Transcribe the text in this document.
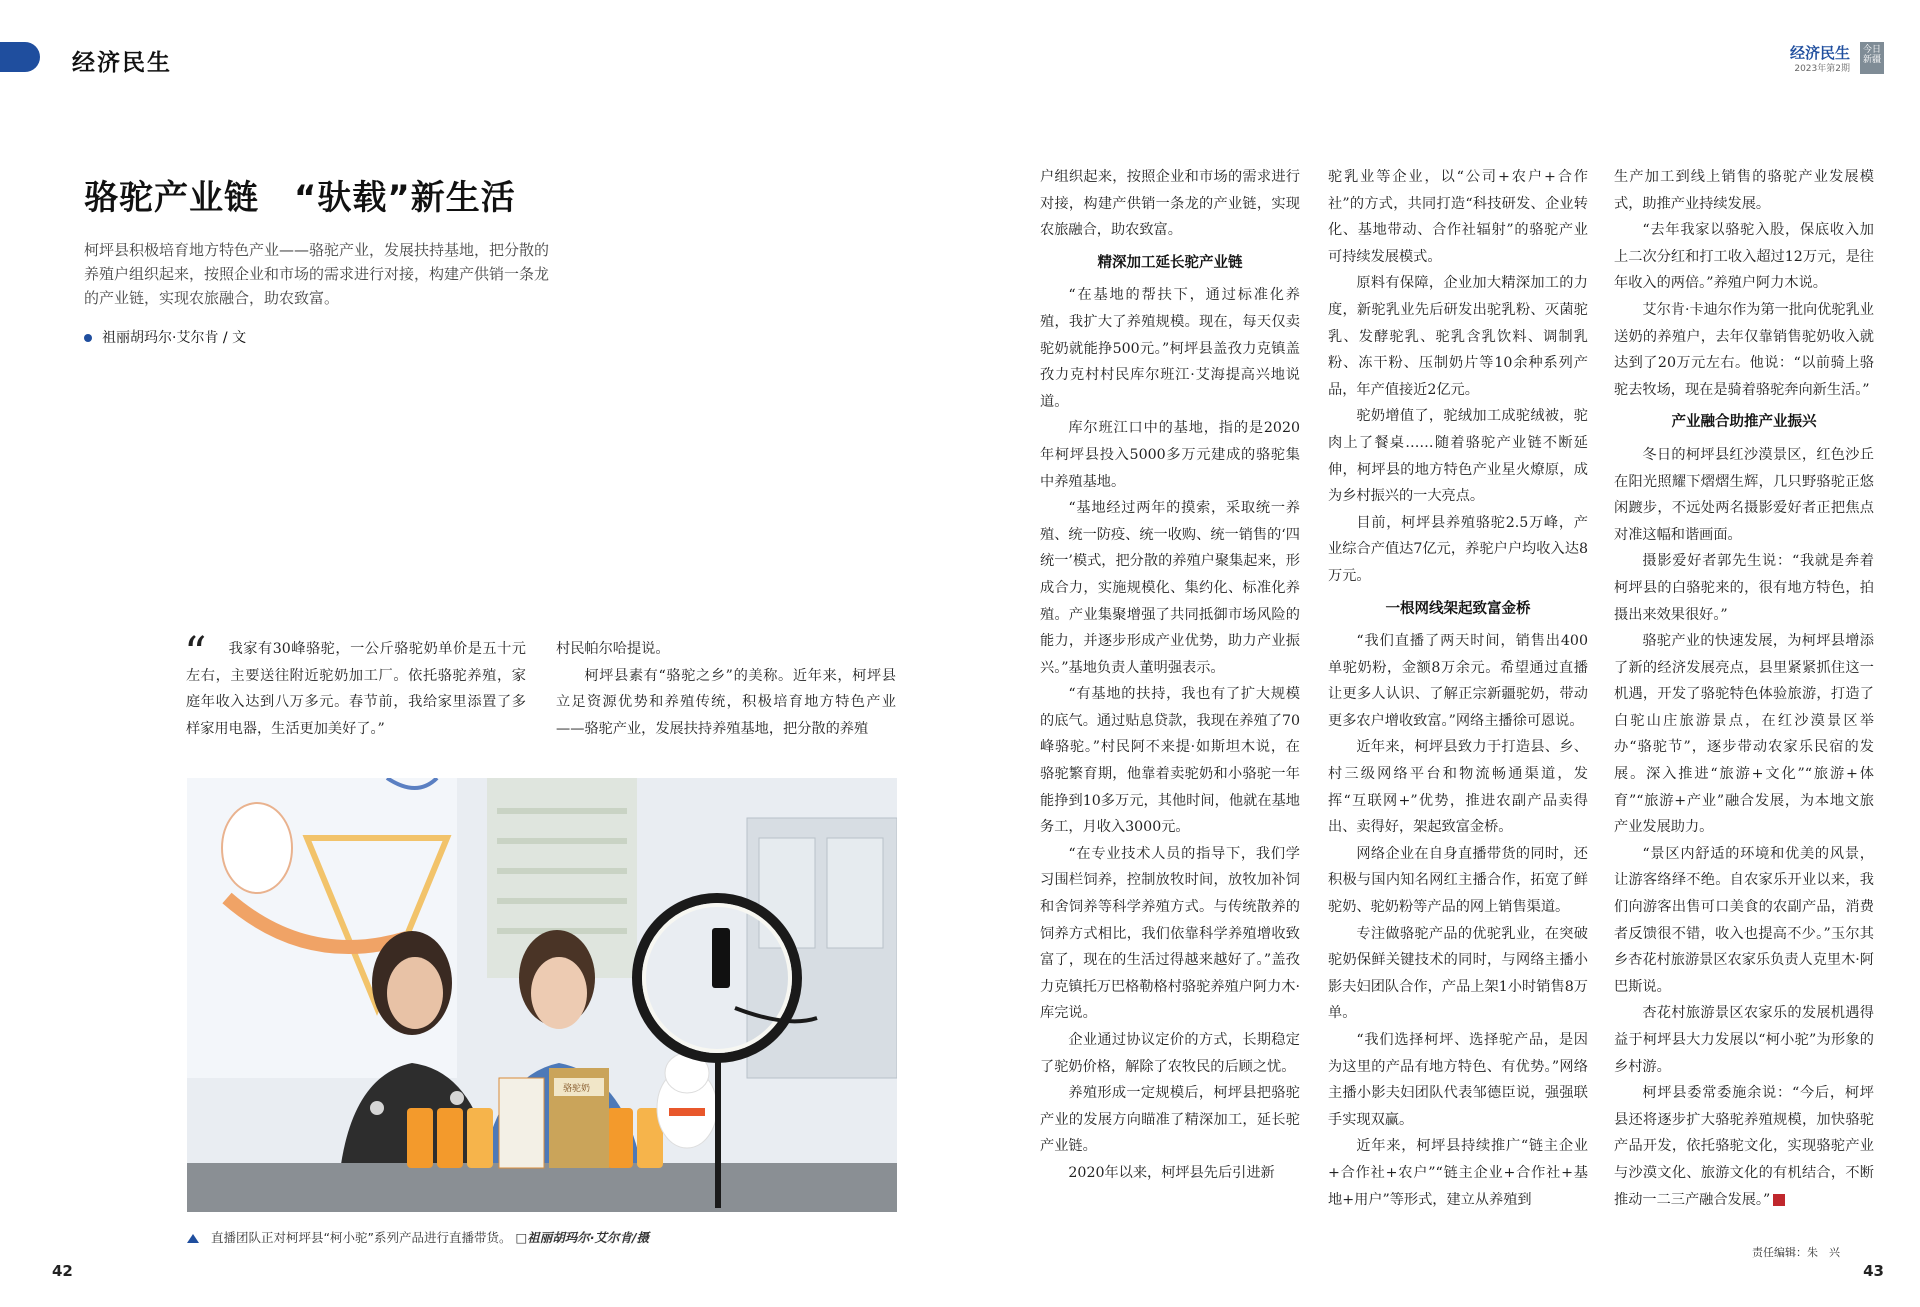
经济民生	经济民生
2023年第2期
今日新疆
骆驼产业链　“驮载”新生活
柯坪县积极培育地方特色产业——骆驼产业，发展扶持基地，把分散的养殖户组织起来，按照企业和市场的需求进行对接，构建产供销一条龙的产业链，实现农旅融合，助农致富。
祖丽胡玛尔·艾尔肯 / 文
“	我家有30峰骆驼，一公斤骆驼奶单价是五十元左右，主要送往附近驼奶加工厂。依托骆驼养殖，家庭年收入达到八万多元。春节前，我给家里添置了多样家用电器，生活更加美好了。”

村民帕尔哈提说。

柯坪县素有“骆驼之乡”的美称。近年来，柯坪县立足资源优势和养殖传统，积极培育地方特色产业——骆驼产业，发展扶持养殖基地，把分散的养殖

骆驼奶
直播团队正对柯坪县“柯小驼”系列产品进行直播带货。 □祖丽胡玛尔·艾尔肯/摄

户组织起来，按照企业和市场的需求进行对接，构建产供销一条龙的产业链，实现农旅融合，助农致富。

精深加工延长驼产业链

“在基地的帮扶下，通过标准化养殖，我扩大了养殖规模。现在，每天仅卖驼奶就能挣500元。”柯坪县盖孜力克镇盖孜力克村村民库尔班江·艾海提高兴地说道。

库尔班江口中的基地，指的是2020年柯坪县投入5000多万元建成的骆驼集中养殖基地。

“基地经过两年的摸索，采取统一养殖、统一防疫、统一收购、统一销售的‘四统一’模式，把分散的养殖户聚集起来，形成合力，实施规模化、集约化、标准化养殖。产业集聚增强了共同抵御市场风险的能力，并逐步形成产业优势，助力产业振兴。”基地负责人董明强表示。

“有基地的扶持，我也有了扩大规模的底气。通过贴息贷款，我现在养殖了70峰骆驼。”村民阿不来提·如斯坦木说，在骆驼繁育期，他靠着卖驼奶和小骆驼一年能挣到10多万元，其他时间，他就在基地务工，月收入3000元。

“在专业技术人员的指导下，我们学习围栏饲养，控制放牧时间，放牧加补饲和舍饲养等科学养殖方式。与传统散养的饲养方式相比，我们依靠科学养殖增收致富了，现在的生活过得越来越好了。”盖孜力克镇托万巴格勒格村骆驼养殖户阿力木·库完说。

企业通过协议定价的方式，长期稳定了驼奶价格，解除了农牧民的后顾之忧。

养殖形成一定规模后，柯坪县把骆驼产业的发展方向瞄准了精深加工，延长驼产业链。

2020年以来，柯坪县先后引进新

驼乳业等企业，以“公司+农户+合作社”的方式，共同打造“科技研发、企业转化、基地带动、合作社辐射”的骆驼产业可持续发展模式。

原料有保障，企业加大精深加工的力度，新驼乳业先后研发出驼乳粉、灭菌驼乳、发酵驼乳、驼乳含乳饮料、调制乳粉、冻干粉、压制奶片等10余种系列产品，年产值接近2亿元。

驼奶增值了，驼绒加工成驼绒被，驼肉上了餐桌……随着骆驼产业链不断延伸，柯坪县的地方特色产业星火燎原，成为乡村振兴的一大亮点。

目前，柯坪县养殖骆驼2.5万峰，产业综合产值达7亿元，养驼户户均收入达8万元。

一根网线架起致富金桥

“我们直播了两天时间，销售出400单驼奶粉，金额8万余元。希望通过直播让更多人认识、了解正宗新疆驼奶，带动更多农户增收致富。”网络主播徐可恩说。

近年来，柯坪县致力于打造县、乡、村三级网络平台和物流畅通渠道，发挥“互联网+”优势，推进农副产品卖得出、卖得好，架起致富金桥。

网络企业在自身直播带货的同时，还积极与国内知名网红主播合作，拓宽了鲜驼奶、驼奶粉等产品的网上销售渠道。

专注做骆驼产品的优驼乳业，在突破驼奶保鲜关键技术的同时，与网络主播小影夫妇团队合作，产品上架1小时销售8万单。

“我们选择柯坪、选择驼产品，是因为这里的产品有地方特色、有优势。”网络主播小影夫妇团队代表邹德臣说，强强联手实现双赢。

近年来，柯坪县持续推广“链主企业+合作社+农户”“链主企业+合作社+基地+用户”等形式，建立从养殖到

生产加工到线上销售的骆驼产业发展模式，助推产业持续发展。

“去年我家以骆驼入股，保底收入加上二次分红和打工收入超过12万元，是往年收入的两倍。”养殖户阿力木说。

艾尔肯·卡迪尔作为第一批向优驼乳业送奶的养殖户，去年仅靠销售驼奶收入就达到了20万元左右。他说：“以前骑上骆驼去牧场，现在是骑着骆驼奔向新生活。”

产业融合助推产业振兴

冬日的柯坪县红沙漠景区，红色沙丘在阳光照耀下熠熠生辉，几只野骆驼正悠闲踱步，不远处两名摄影爱好者正把焦点对准这幅和谐画面。

摄影爱好者郭先生说：“我就是奔着柯坪县的白骆驼来的，很有地方特色，拍摄出来效果很好。”

骆驼产业的快速发展，为柯坪县增添了新的经济发展亮点，县里紧紧抓住这一机遇，开发了骆驼特色体验旅游，打造了白驼山庄旅游景点，在红沙漠景区举办“骆驼节”，逐步带动农家乐民宿的发展。深入推进“旅游+文化”“旅游+体育”“旅游+产业”融合发展，为本地文旅产业发展助力。

“景区内舒适的环境和优美的风景，让游客络绎不绝。自农家乐开业以来，我们向游客出售可口美食的农副产品，消费者反馈很不错，收入也提高不少。”玉尔其乡杏花村旅游景区农家乐负责人克里木·阿巴斯说。

杏花村旅游景区农家乐的发展机遇得益于柯坪县大力发展以“柯小驼”为形象的乡村游。

柯坪县委常委施余说：“今后，柯坪县还将逐步扩大骆驼养殖规模，加快骆驼产品开发，依托骆驼文化，实现骆驼产业与沙漠文化、旅游文化的有机结合，不断推动一二三产融合发展。”

责任编辑：朱　兴
42	43
